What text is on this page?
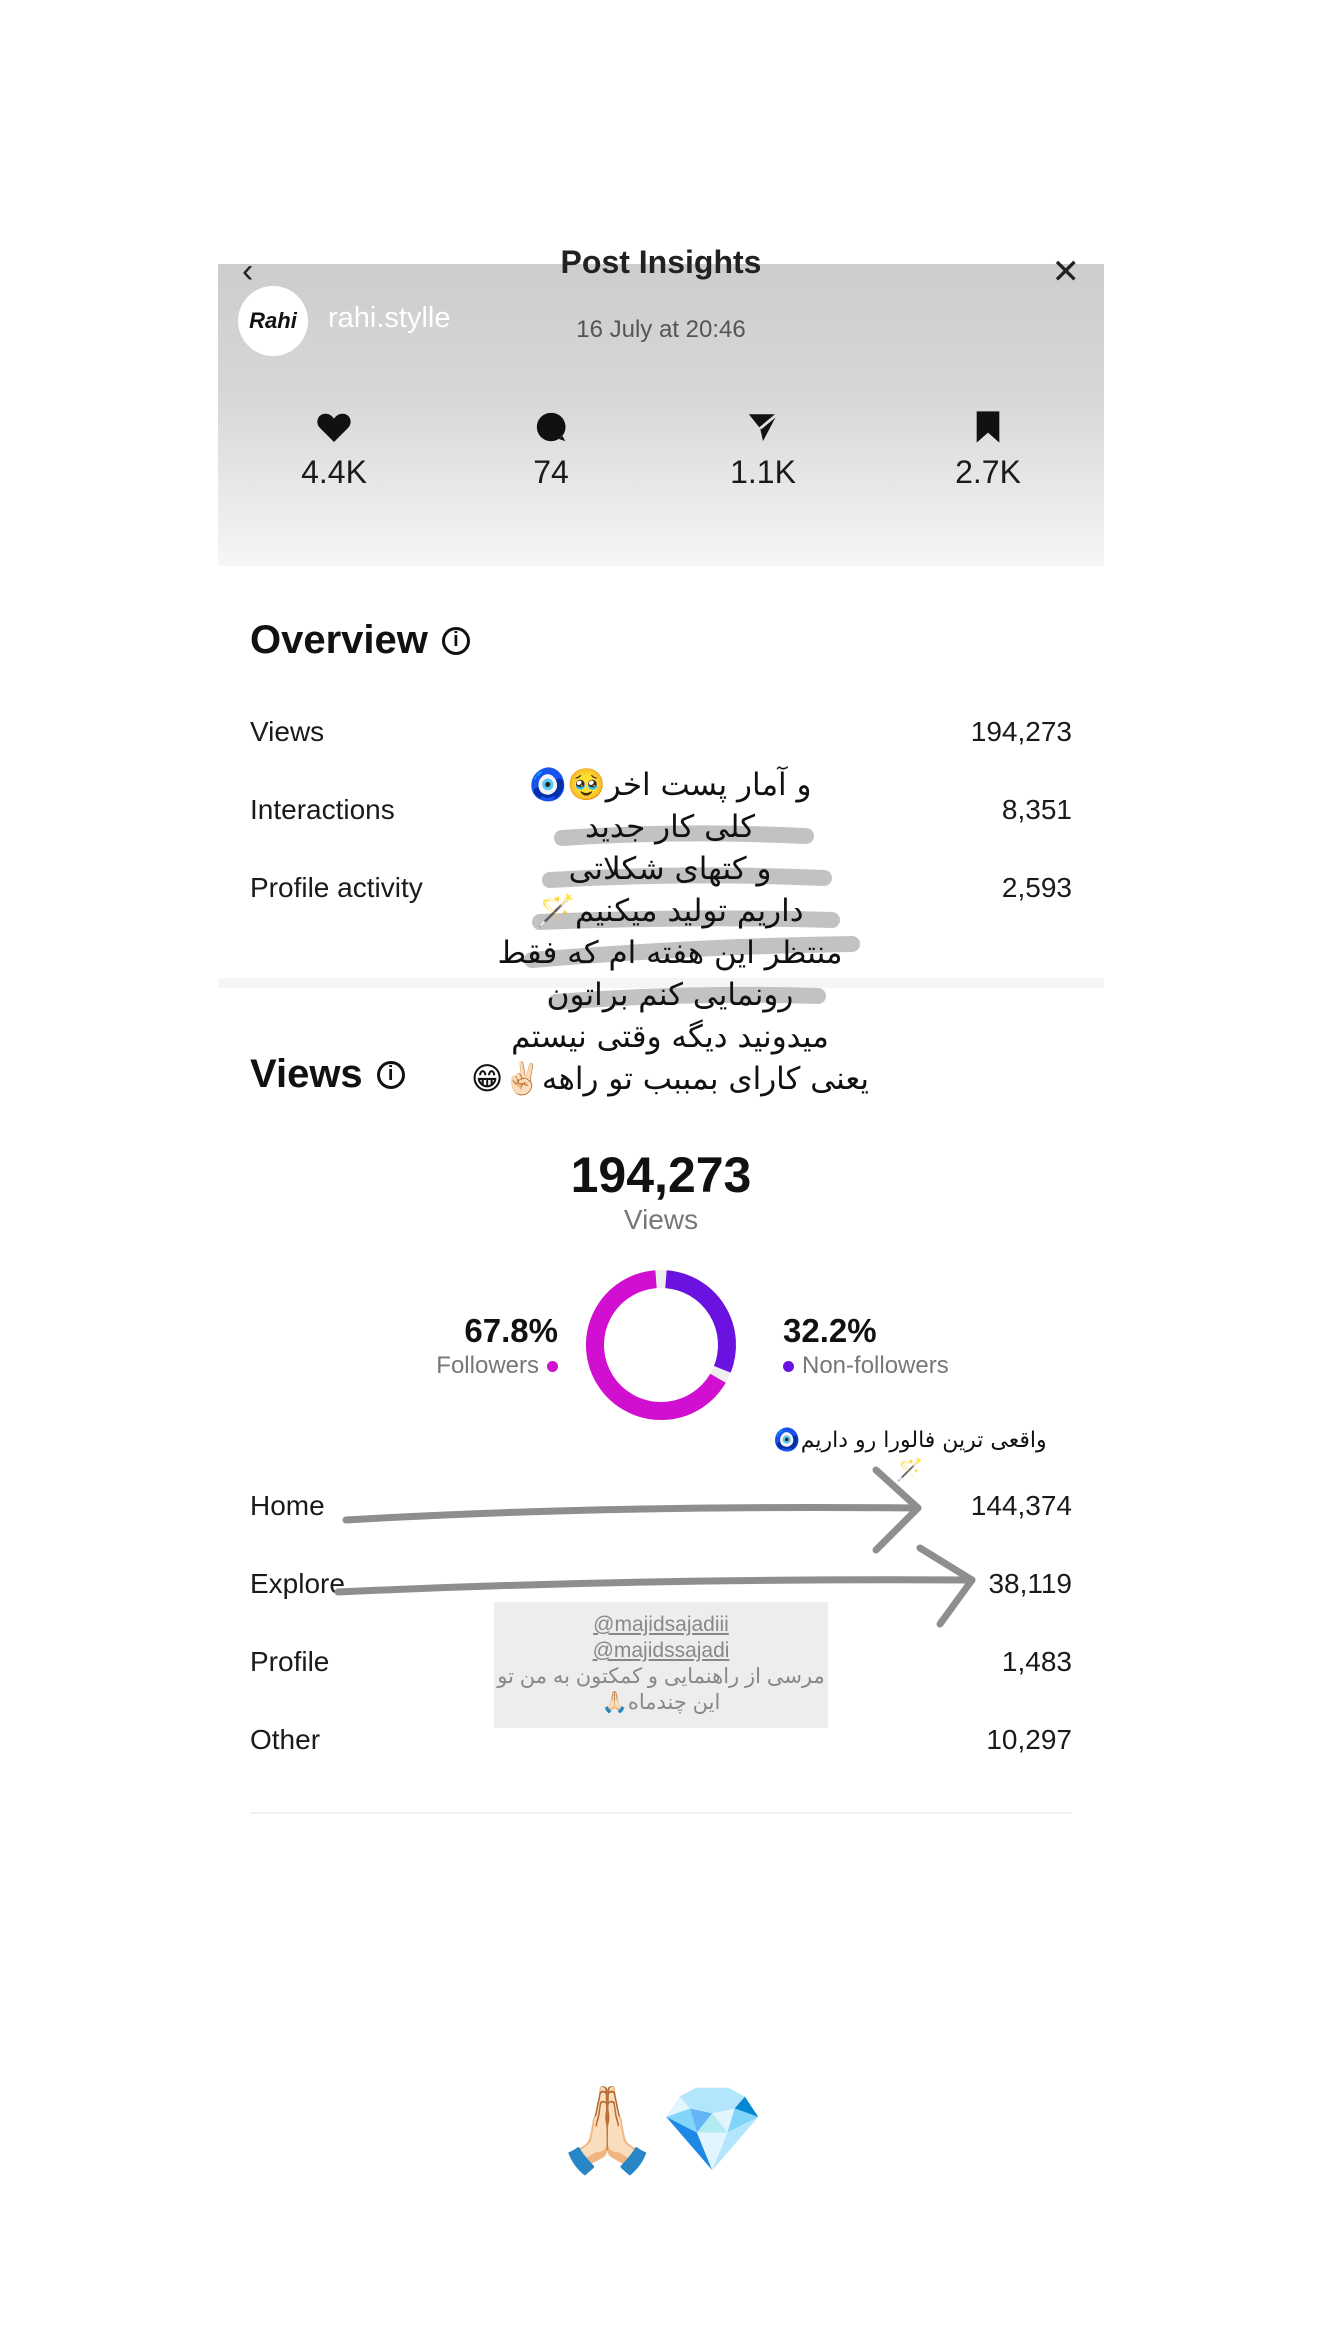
‹	Post Insights	✕
Rahi rahi.stylle	16 July at 20:46
4.4K	74	1.1K	2.7K
Overview	i
Views	194,273
Interactions	8,351
Profile activity	2,593
Views	i
194,273
Views
67.8%
Followers
32.2%
Non-followers
Home	144,374
Explore	38,119
Profile	1,483
Other	10,297
و آمار پست اخر🥹🧿
کلی کار جدید
و کتهای شکلاتی
داریم تولید میکنیم🪄
منتظر این هفته ام که فقط
رونمایی کنم براتون
میدونید دیگه وقتی نیستم
یعنی کارای بمببب تو راهه✌🏻😁
واقعی ترین فالورا رو داریم🧿🪄
@majidsajadiii
@majidssajadi
مرسی از راهنمایی و کمکتون به من تو
این چندماه🙏🏻
🙏🏻💎
